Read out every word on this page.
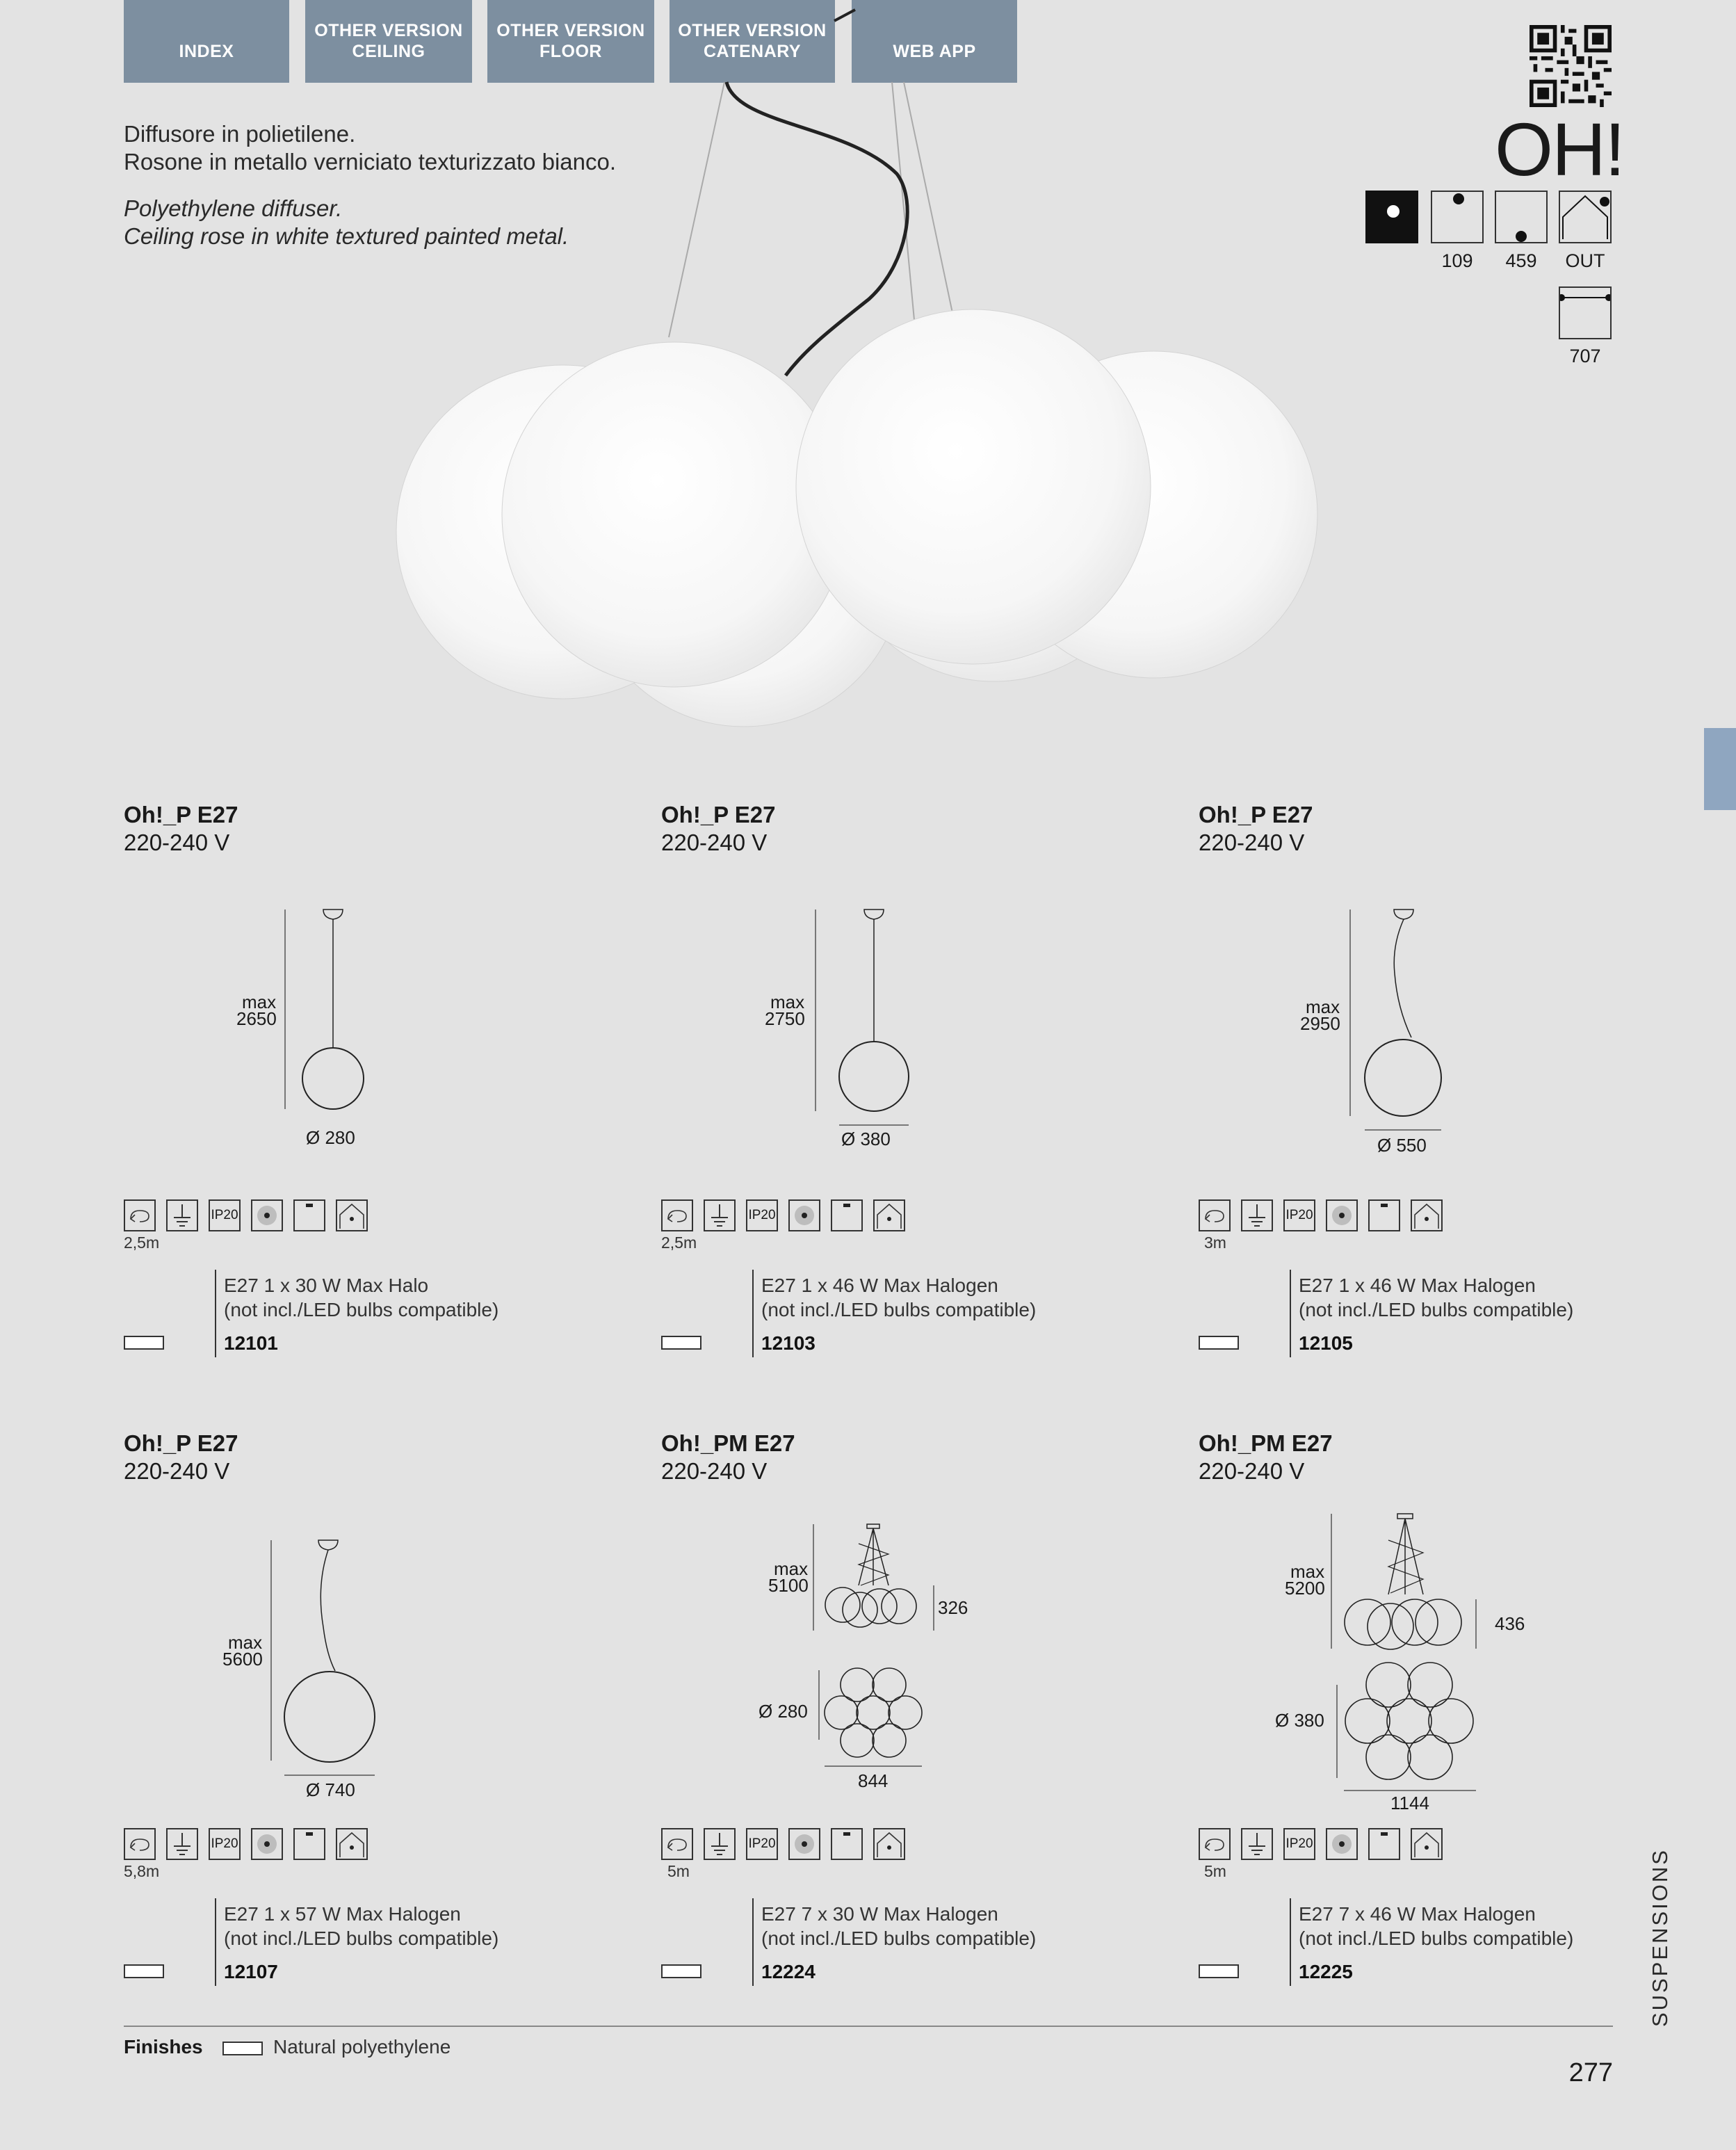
INDEX
OTHER VERSION
CEILING
OTHER VERSION
FLOOR
OTHER VERSION
CATENARY	WEB APP
Diffusore in polietilene.
Rosone in metallo verniciato texturizzato bianco.
Polyethylene diffuser.
Ceiling rose in white textured painted metal.
OH!
109	459	OUT
707
SUSPENSIONS
Oh!_P E27
220-240 V
max
2650
Ø 280
IP20
2,5m
E27 1 x 30 W Max Halo
(not incl./LED bulbs compatible)
12101
Oh!_P E27
220-240 V
max
2750
Ø 380
IP20
2,5m
E27 1 x 46 W Max Halogen
(not incl./LED bulbs compatible)
12103
Oh!_P E27
220-240 V
max
2950
Ø 550
IP20
3m
E27 1 x 46 W Max Halogen
(not incl./LED bulbs compatible)
12105
Oh!_P E27
220-240 V
max
5600
Ø 740
IP20
5,8m
E27 1 x 57 W Max Halogen
(not incl./LED bulbs compatible)
12107
Oh!_PM E27
220-240 V
max
5100
326
Ø 280
844
IP20
5m
E27 7 x 30 W Max Halogen
(not incl./LED bulbs compatible)
12224
Oh!_PM E27
220-240 V
max
5200
436
Ø 380
1144
IP20
5m
E27 7 x 46 W Max Halogen
(not incl./LED bulbs compatible)
12225
Finishes	Natural polyethylene
277
